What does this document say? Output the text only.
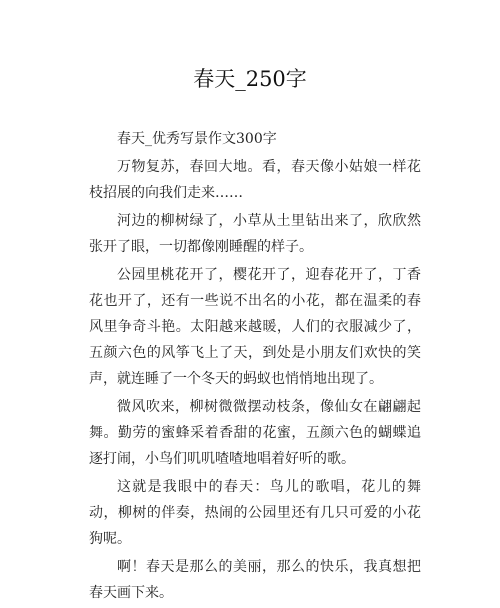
春天_250字
春天_优秀写景作文300字

万物复苏，春回大地。看，春天像小姑娘一样花枝招展的向我们走来……

河边的柳树绿了，小草从土里钻出来了，欣欣然张开了眼，一切都像刚睡醒的样子。

公园里桃花开了，樱花开了，迎春花开了，丁香花也开了，还有一些说不出名的小花，都在温柔的春风里争奇斗艳。太阳越来越暖，人们的衣服减少了，五颜六色的风筝飞上了天，到处是小朋友们欢快的笑声，就连睡了一个冬天的蚂蚁也悄悄地出现了。

微风吹来，柳树微微摆动枝条，像仙女在翩翩起舞。勤劳的蜜蜂采着香甜的花蜜，五颜六色的蝴蝶追逐打闹，小鸟们叽叽喳喳地唱着好听的歌。

这就是我眼中的春天：鸟儿的歌唱，花儿的舞动，柳树的伴奏，热闹的公园里还有几只可爱的小花狗呢。

啊！春天是那么的美丽，那么的快乐，我真想把春天画下来。
